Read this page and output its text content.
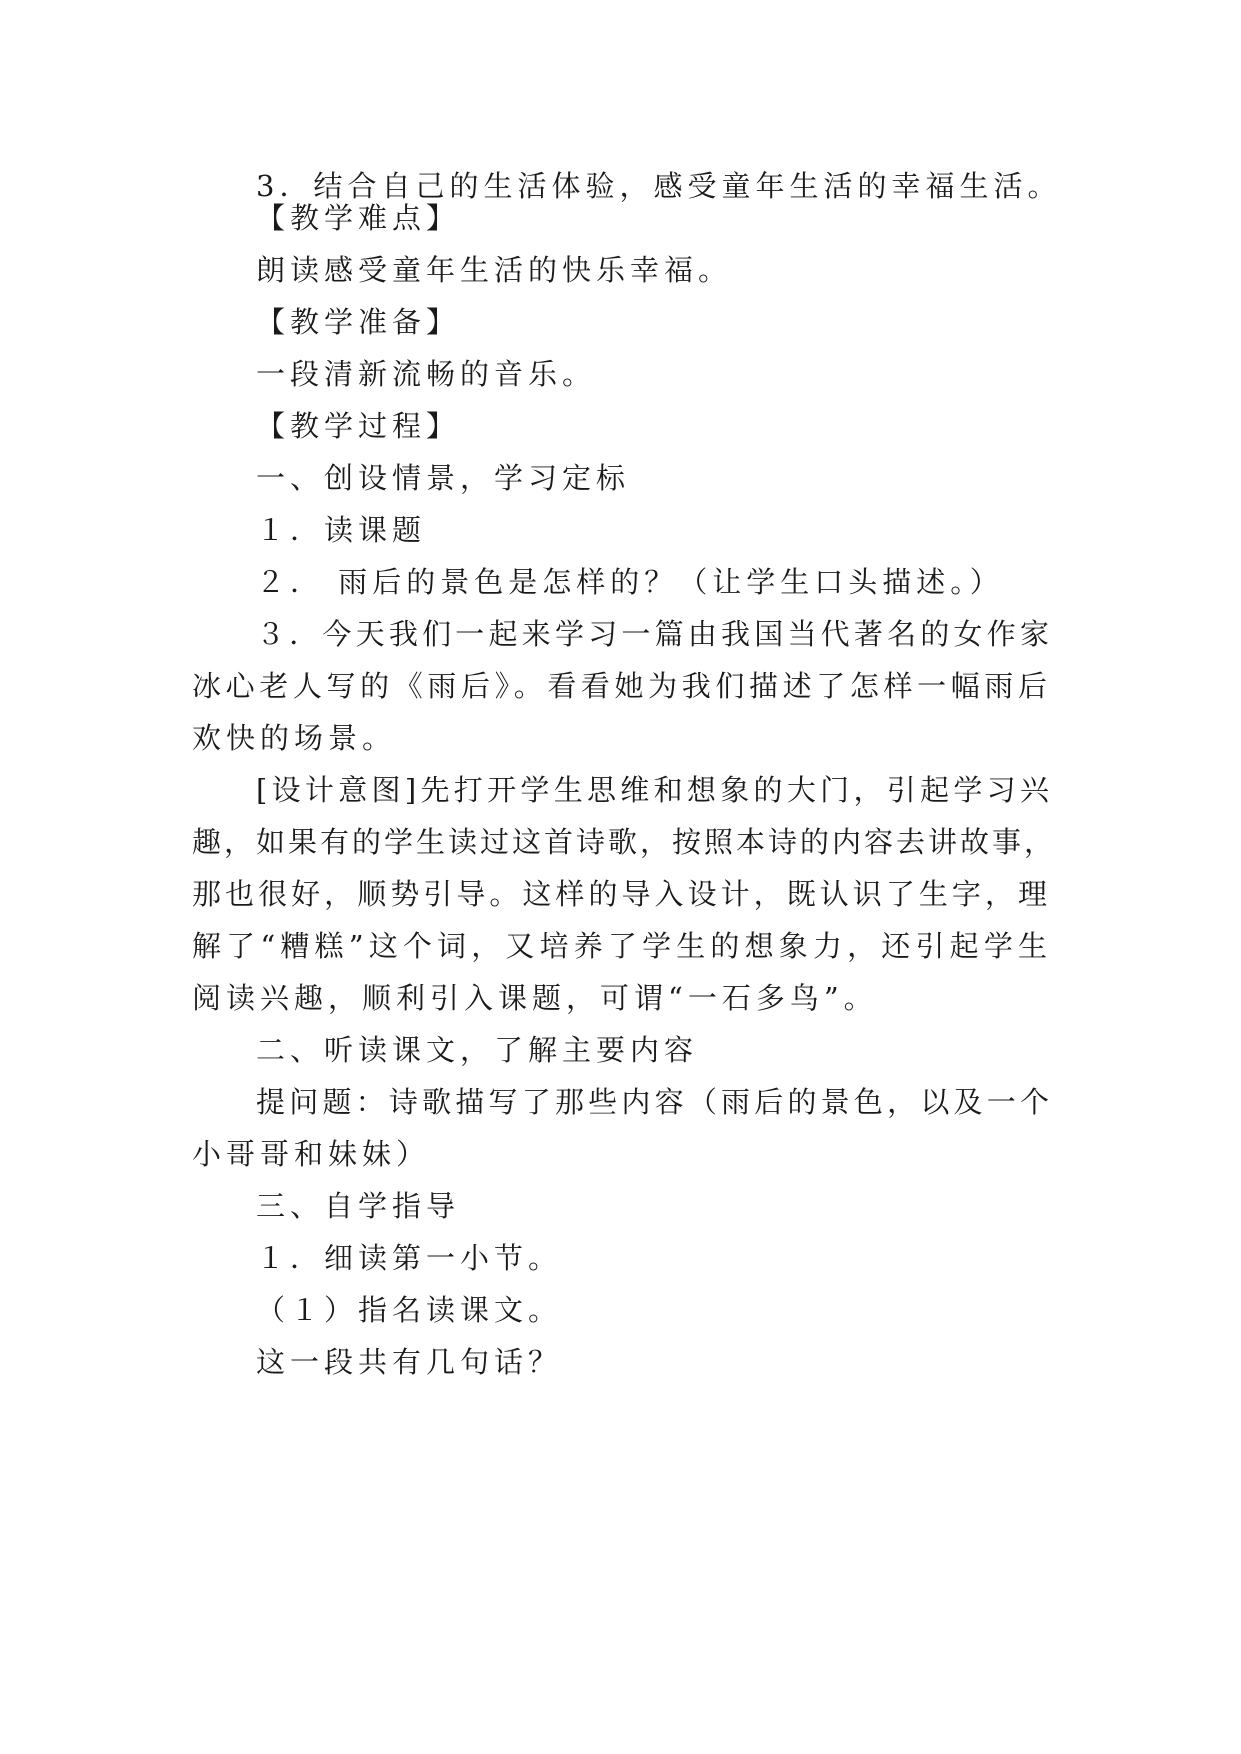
3．结合自己的生活体验，感受童年生活的幸福生活。
【教学难点】
朗读感受童年生活的快乐幸福。
【教学准备】
一段清新流畅的音乐。
【教学过程】
一、创设情景，学习定标
１．读课题
２． 雨后的景色是怎样的？（让学生口头描述。）
３．今天我们一起来学习一篇由我国当代著名的女作家
冰心老人写的《雨后》。看看她为我们描述了怎样一幅雨后
欢快的场景。
[设计意图]先打开学生思维和想象的大门，引起学习兴
趣，如果有的学生读过这首诗歌，按照本诗的内容去讲故事，
那也很好，顺势引导。这样的导入设计，既认识了生字，理
解了“糟糕”这个词，又培养了学生的想象力，还引起学生
阅读兴趣，顺利引入课题，可谓“一石多鸟”。
二、听读课文，了解主要内容
提问题：诗歌描写了那些内容（雨后的景色，以及一个
小哥哥和妹妹）
三、自学指导
１．细读第一小节。
（１）指名读课文。
这一段共有几句话？
